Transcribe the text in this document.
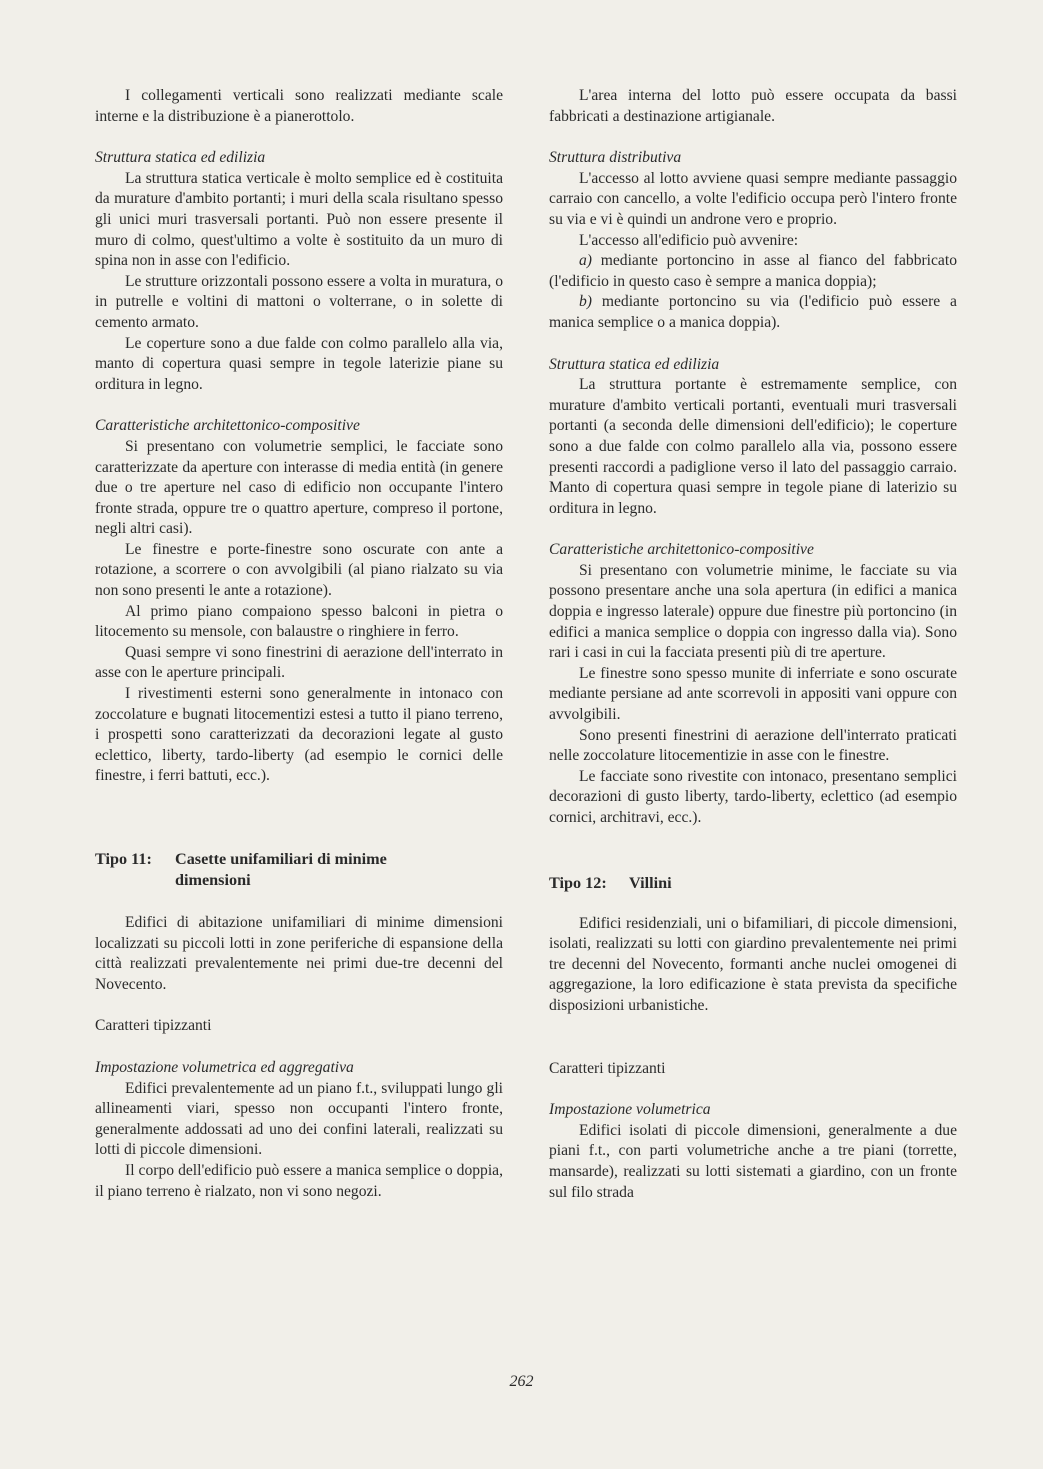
I collegamenti verticali sono realizzati mediante scale interne e la distribuzione è a pianerottolo.

Struttura statica ed edilizia

La struttura statica verticale è molto semplice ed è costituita da murature d'ambito portanti; i muri della scala risultano spesso gli unici muri trasversali portanti. Può non essere presente il muro di colmo, quest'ultimo a volte è sostituito da un muro di spina non in asse con l'edificio.

Le strutture orizzontali possono essere a volta in muratura, o in putrelle e voltini di mattoni o volterrane, o in solette di cemento armato.

Le coperture sono a due falde con colmo parallelo alla via, manto di copertura quasi sempre in tegole laterizie piane su orditura in legno.

Caratteristiche architettonico-compositive

Si presentano con volumetrie semplici, le facciate sono caratterizzate da aperture con interasse di media entità (in genere due o tre aperture nel caso di edificio non occupante l'intero fronte strada, oppure tre o quattro aperture, compreso il portone, negli altri casi).

Le finestre e porte-finestre sono oscurate con ante a rotazione, a scorrere o con avvolgibili (al piano rialzato su via non sono presenti le ante a rotazione).

Al primo piano compaiono spesso balconi in pietra o litocemento su mensole, con balaustre o ringhiere in ferro.

Quasi sempre vi sono finestrini di aerazione dell'interrato in asse con le aperture principali.

I rivestimenti esterni sono generalmente in intonaco con zoccolature e bugnati litocementizi estesi a tutto il piano terreno, i prospetti sono caratterizzati da decorazioni legate al gusto eclettico, liberty, tardo-liberty (ad esempio le cornici delle finestre, i ferri battuti, ecc.).

Tipo 11: Casette unifamiliari di minime
dimensioni

Edifici di abitazione unifamiliari di minime dimensioni localizzati su piccoli lotti in zone periferiche di espansione della città realizzati prevalentemente nei primi due-tre decenni del Novecento.

Caratteri tipizzanti

Impostazione volumetrica ed aggregativa

Edifici prevalentemente ad un piano f.t., sviluppati lungo gli allineamenti viari, spesso non occupanti l'intero fronte, generalmente addossati ad uno dei confini laterali, realizzati su lotti di piccole dimensioni.

Il corpo dell'edificio può essere a manica semplice o doppia, il piano terreno è rialzato, non vi sono negozi.

L'area interna del lotto può essere occupata da bassi fabbricati a destinazione artigianale.

Struttura distributiva

L'accesso al lotto avviene quasi sempre mediante passaggio carraio con cancello, a volte l'edificio occupa però l'intero fronte su via e vi è quindi un androne vero e proprio.

L'accesso all'edificio può avvenire:

a) mediante portoncino in asse al fianco del fabbricato (l'edificio in questo caso è sempre a manica doppia);

b) mediante portoncino su via (l'edificio può essere a manica semplice o a manica doppia).

Struttura statica ed edilizia

La struttura portante è estremamente semplice, con murature d'ambito verticali portanti, eventuali muri trasversali portanti (a seconda delle dimensioni dell'edificio); le coperture sono a due falde con colmo parallelo alla via, possono essere presenti raccordi a padiglione verso il lato del passaggio carraio. Manto di copertura quasi sempre in tegole piane di laterizio su orditura in legno.

Caratteristiche architettonico-compositive

Si presentano con volumetrie minime, le facciate su via possono presentare anche una sola apertura (in edifici a manica doppia e ingresso laterale) oppure due finestre più portoncino (in edifici a manica semplice o doppia con ingresso dalla via). Sono rari i casi in cui la facciata presenti più di tre aperture.

Le finestre sono spesso munite di inferriate e sono oscurate mediante persiane ad ante scorrevoli in appositi vani oppure con avvolgibili.

Sono presenti finestrini di aerazione dell'interrato praticati nelle zoccolature litocementizie in asse con le finestre.

Le facciate sono rivestite con intonaco, presentano semplici decorazioni di gusto liberty, tardo-liberty, eclettico (ad esempio cornici, architravi, ecc.).

Tipo 12: Villini

Edifici residenziali, uni o bifamiliari, di piccole dimensioni, isolati, realizzati su lotti con giardino prevalentemente nei primi tre decenni del Novecento, formanti anche nuclei omogenei di aggregazione, la loro edificazione è stata prevista da specifiche disposizioni urbanistiche.

Caratteri tipizzanti

Impostazione volumetrica

Edifici isolati di piccole dimensioni, generalmente a due piani f.t., con parti volumetriche anche a tre piani (torrette, mansarde), realizzati su lotti sistemati a giardino, con un fronte sul filo strada

262
